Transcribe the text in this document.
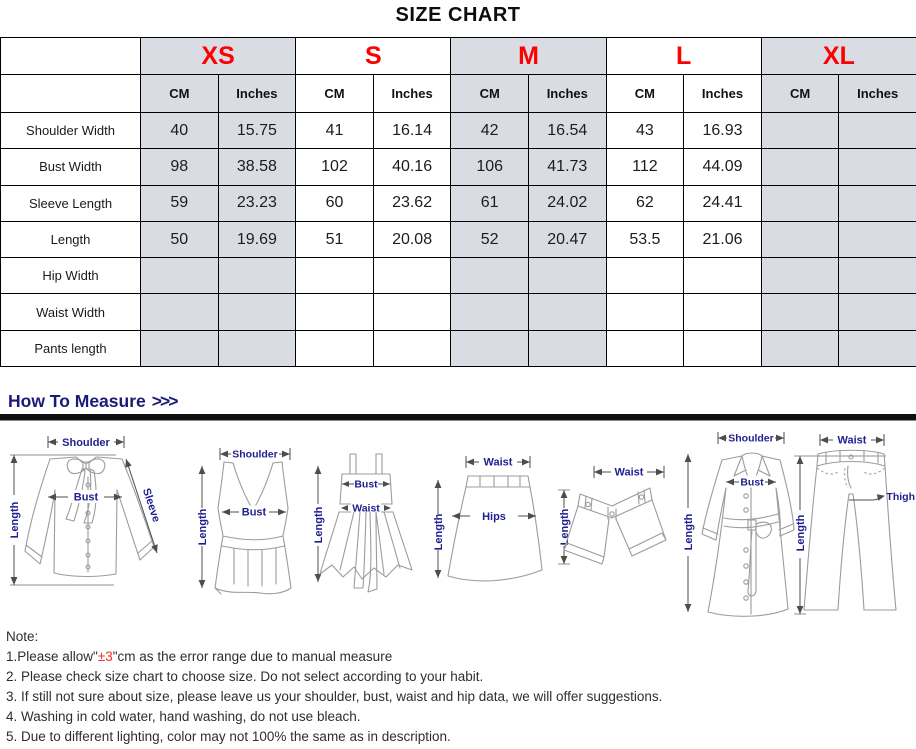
SIZE CHART
	XS		S		M		L		XL	
	CM	Inches	CM	Inches	CM	Inches	CM	Inches	CM	Inches
Shoulder Width	40	15.75	41	16.14	42	16.54	43	16.93		
Bust Width	98	38.58	102	40.16	106	41.73	112	44.09		
Sleeve Length	59	23.23	60	23.62	61	24.02	62	24.41		
Length	50	19.69	51	20.08	52	20.47	53.5	21.06		
Hip Width										
Waist Width										
Pants length										
How To Measure >>>
Shoulder
Length
Bust	Sleeve
Shoulder
Length	Bust	Length
Bust
Waist
Waist
Length	Hips
Waist
Length
Shoulder
Length
Bust
Waist
Length
Thigh
Note:
1.Please allow"±3"cm as the error range due to manual measure
2. Please check size chart to choose size. Do not select according to your habit.
3. If still not sure about size, please leave us your shoulder, bust, waist and hip data, we will offer suggestions.
4. Washing in cold water, hand washing, do not use bleach.
5. Due to different lighting, color may not 100% the same as in description.
